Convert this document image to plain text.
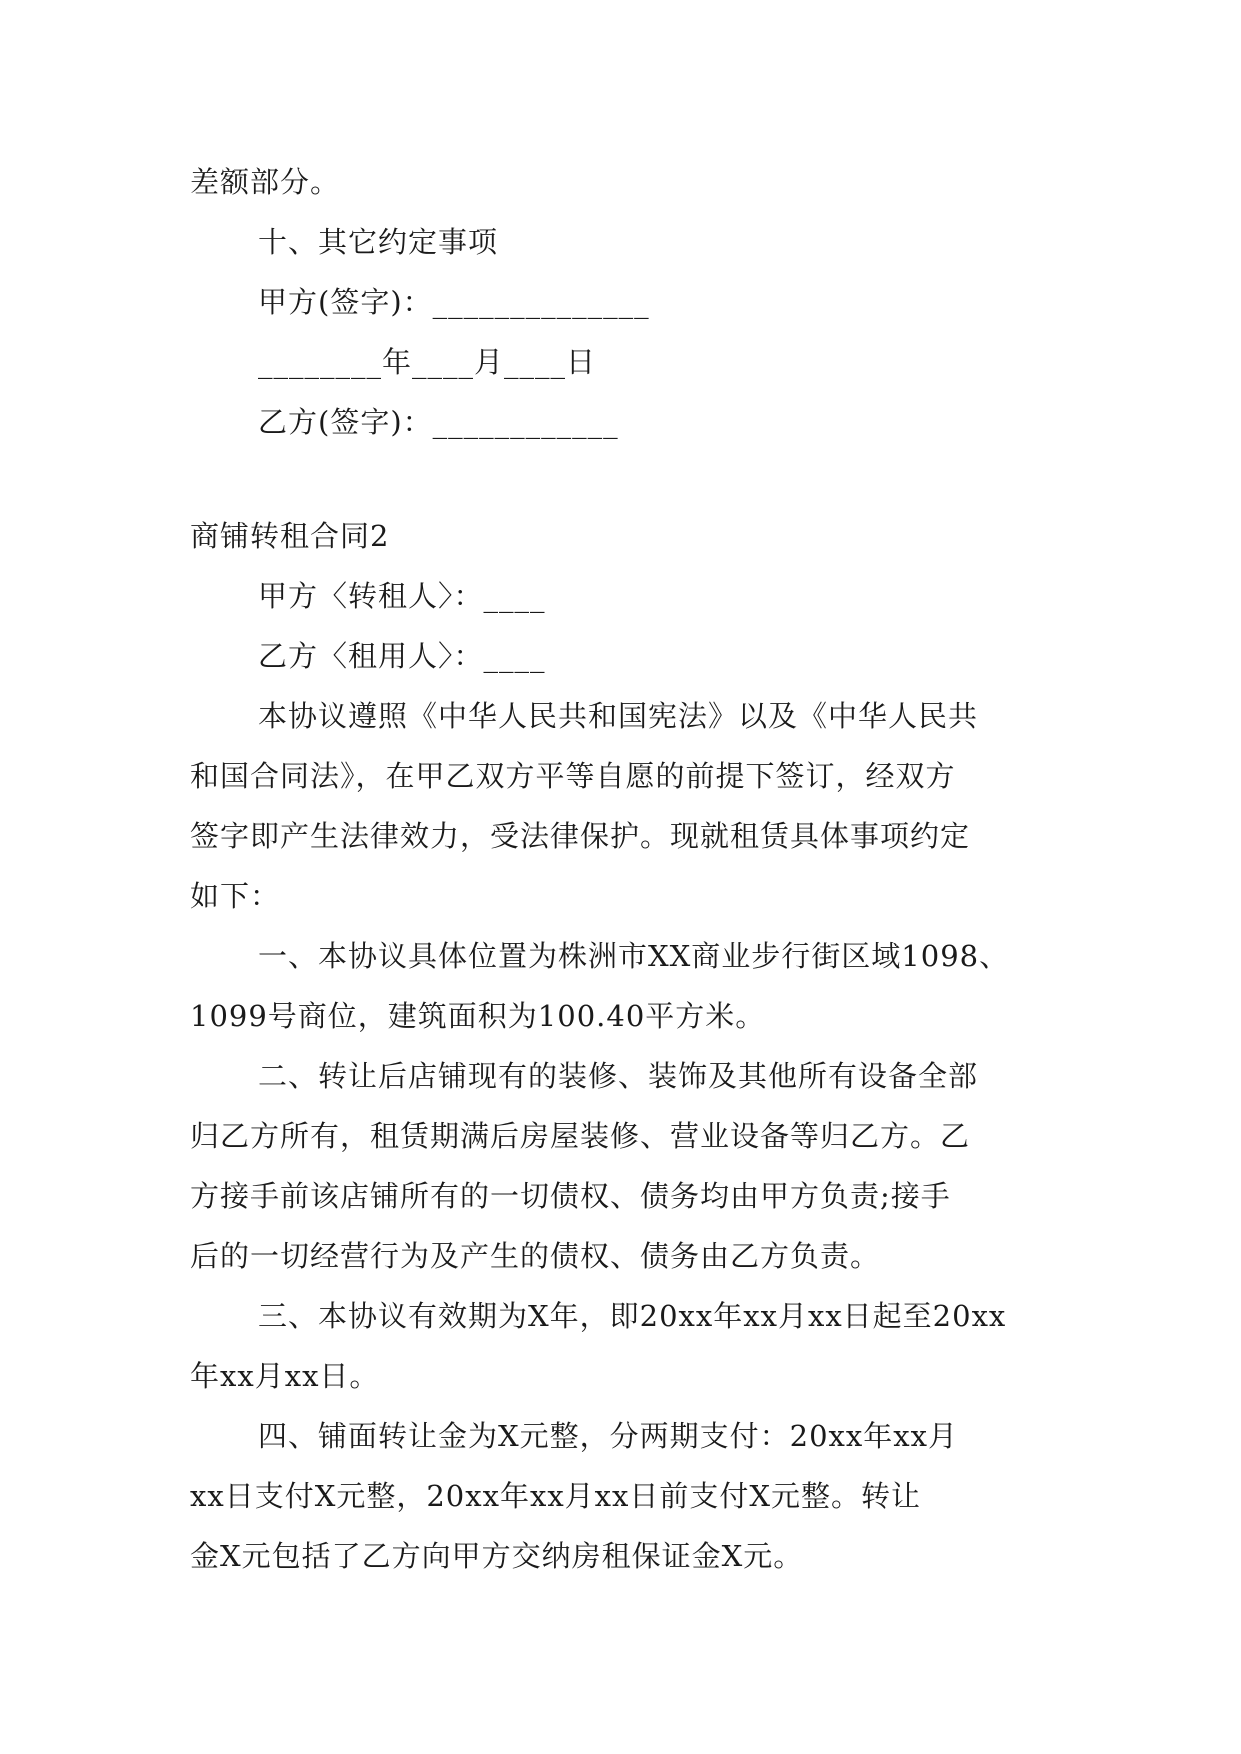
差额部分。
十、其它约定事项
甲方(签字)：______________
________年____月____日
乙方(签字)：____________
商铺转租合同2
甲方〈转租人〉：____
乙方〈租用人〉：____
本协议遵照《中华人民共和国宪法》以及《中华人民共
和国合同法》，在甲乙双方平等自愿的前提下签订，经双方
签字即产生法律效力，受法律保护。现就租赁具体事项约定
如下：
一、本协议具体位置为株洲市XX商业步行街区域1098、
1099号商位，建筑面积为100.40平方米。
二、转让后店铺现有的装修、装饰及其他所有设备全部
归乙方所有，租赁期满后房屋装修、营业设备等归乙方。乙
方接手前该店铺所有的一切债权、债务均由甲方负责;接手
后的一切经营行为及产生的债权、债务由乙方负责。
三、本协议有效期为X年，即20xx年xx月xx日起至20xx
年xx月xx日。
四、铺面转让金为X元整，分两期支付：20xx年xx月
xx日支付X元整，20xx年xx月xx日前支付X元整。转让
金X元包括了乙方向甲方交纳房租保证金X元。
